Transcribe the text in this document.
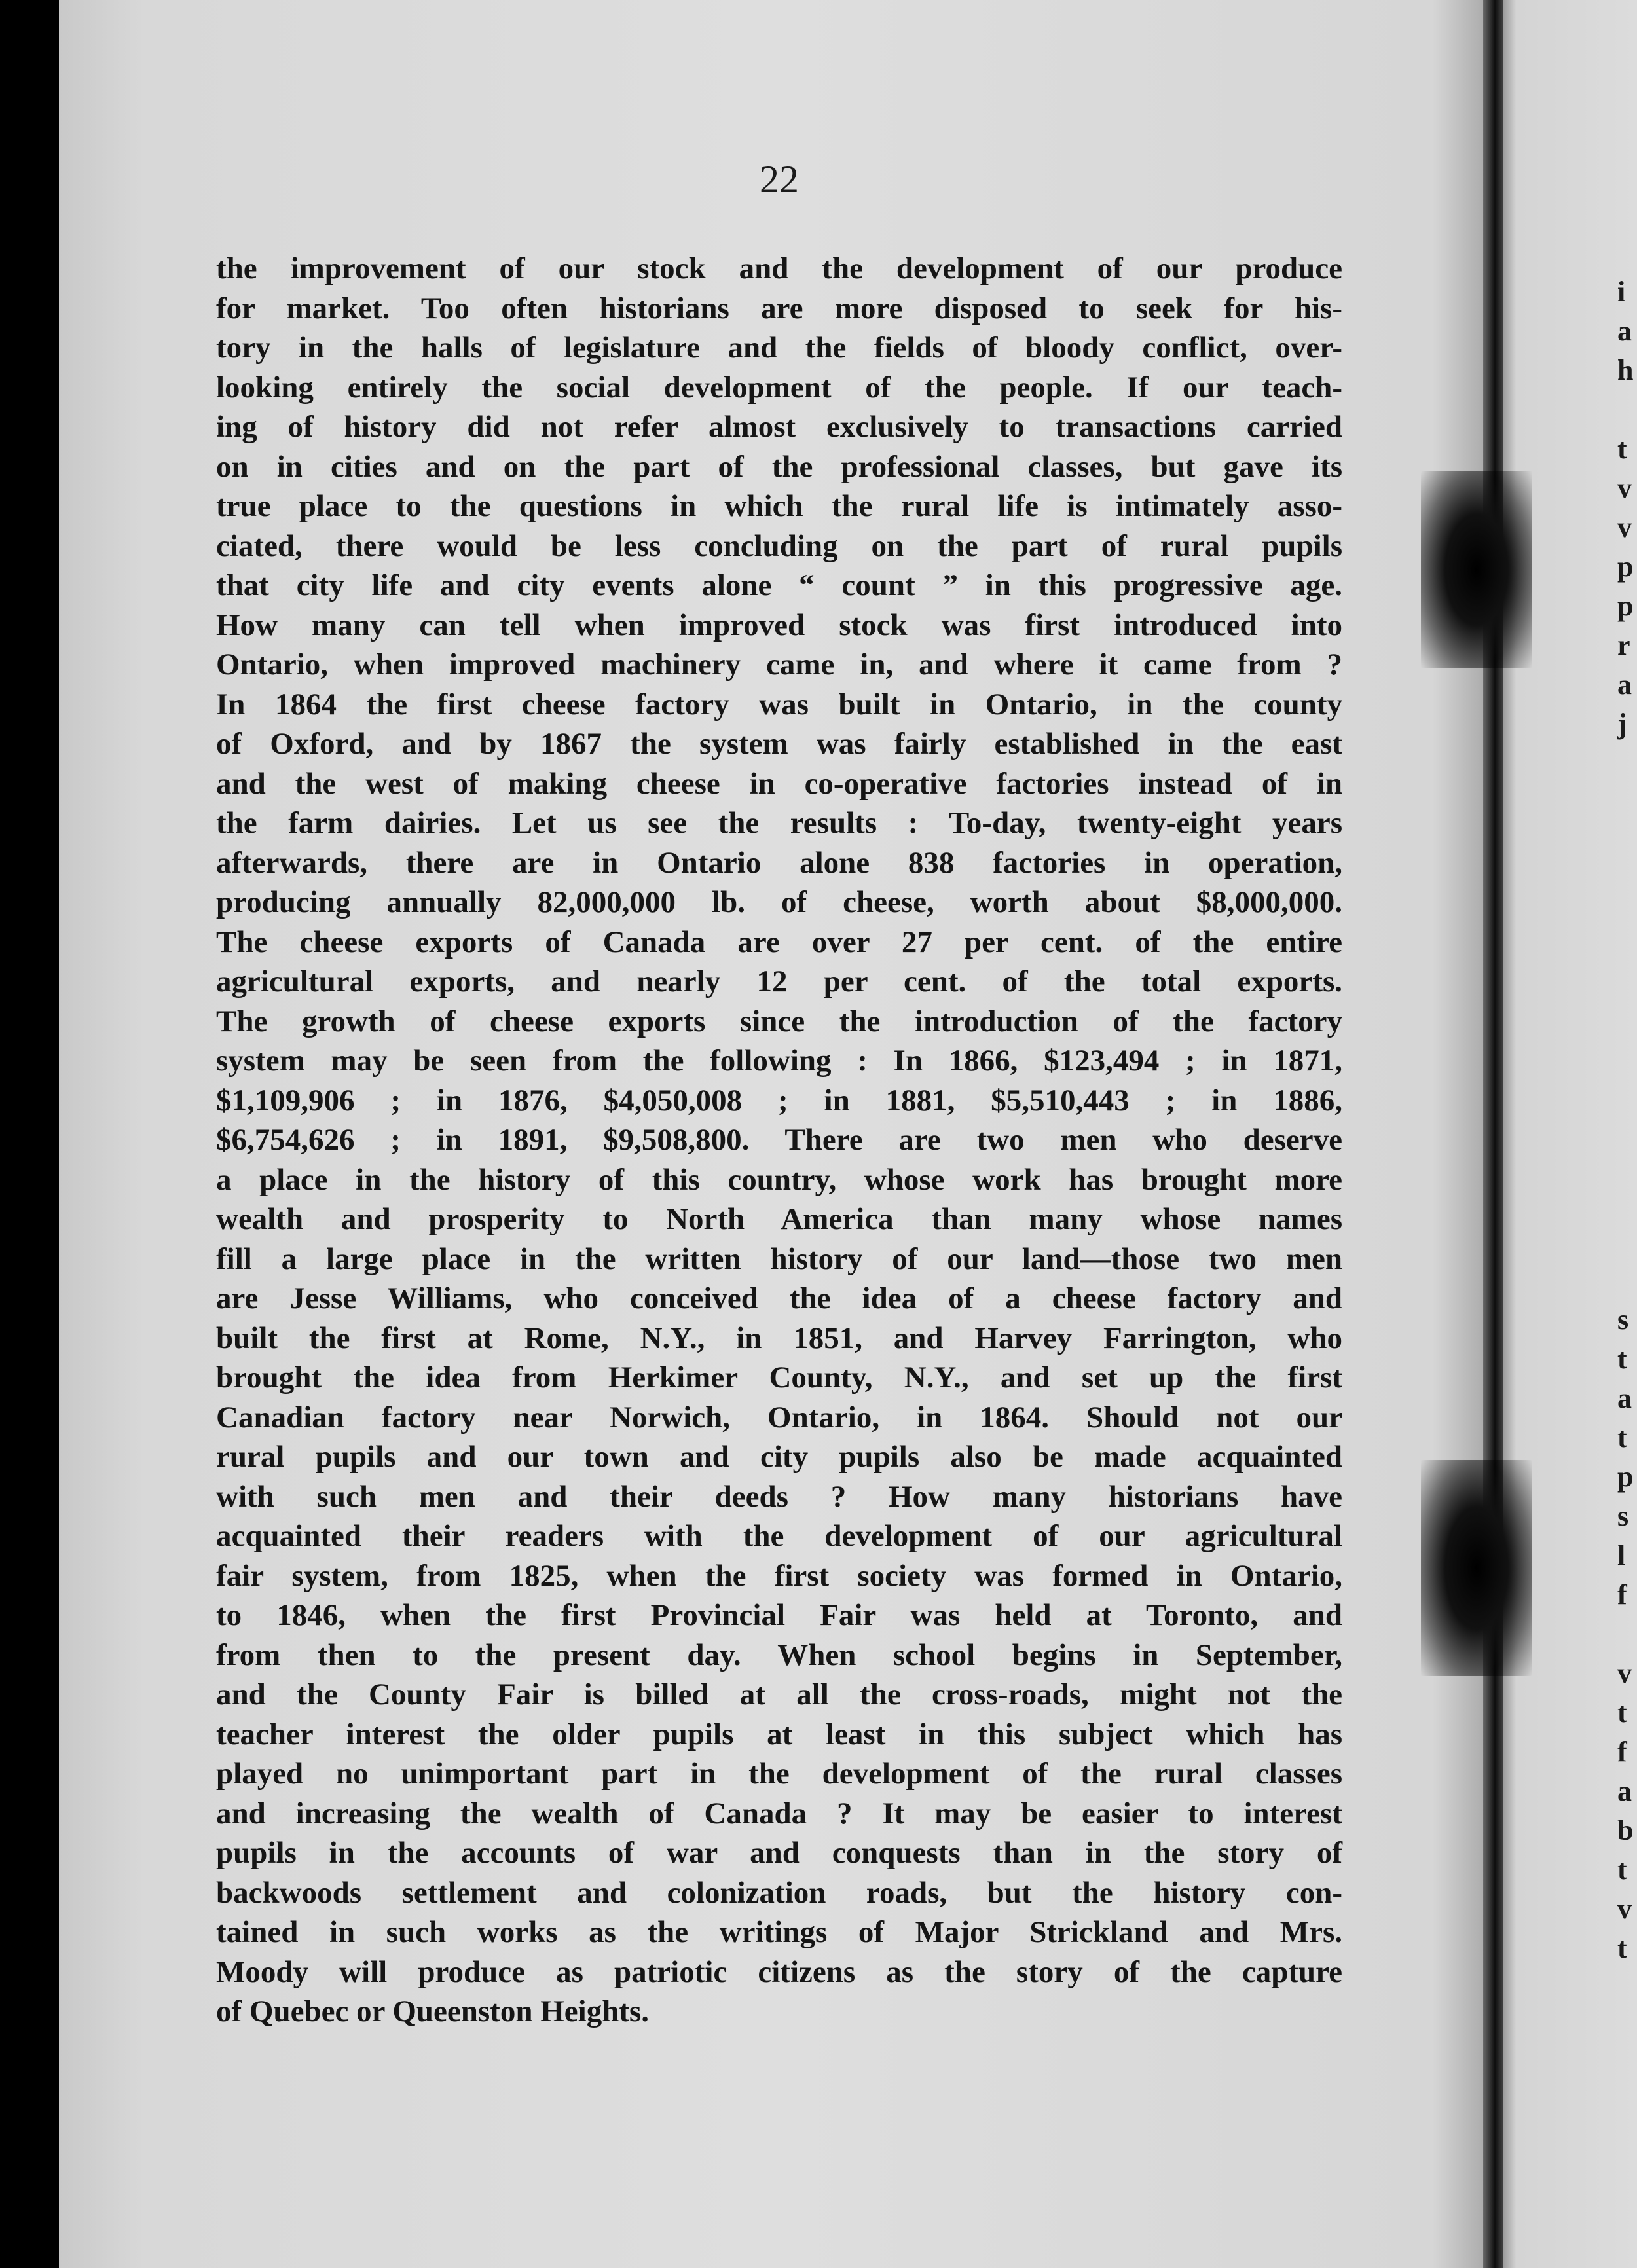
22
the improvement of our stock and the development of our produce
for market. Too often historians are more disposed to seek for his-
tory in the halls of legislature and the fields of bloody conflict, over-
looking entirely the social development of the people. If our teach-
ing of history did not refer almost exclusively to transactions carried
on in cities and on the part of the professional classes, but gave its
true place to the questions in which the rural life is intimately asso-
ciated, there would be less concluding on the part of rural pupils
that city life and city events alone “ count ” in this progressive age.
How many can tell when improved stock was first introduced into
Ontario, when improved machinery came in, and where it came from ?
In 1864 the first cheese factory was built in Ontario, in the county
of Oxford, and by 1867 the system was fairly established in the east
and the west of making cheese in co-operative factories instead of in
the farm dairies. Let us see the results : To-day, twenty-eight years
afterwards, there are in Ontario alone 838 factories in operation,
producing annually 82,000,000 lb. of cheese, worth about $8,000,000.
The cheese exports of Canada are over 27 per cent. of the entire
agricultural exports, and nearly 12 per cent. of the total exports.
The growth of cheese exports since the introduction of the factory
system may be seen from the following : In 1866, $123,494 ; in 1871,
$1,109,906 ; in 1876, $4,050,008 ; in 1881, $5,510,443 ; in 1886,
$6,754,626 ; in 1891, $9,508,800. There are two men who deserve
a place in the history of this country, whose work has brought more
wealth and prosperity to North America than many whose names
fill a large place in the written history of our land—those two men
are Jesse Williams, who conceived the idea of a cheese factory and
built the first at Rome, N.Y., in 1851, and Harvey Farrington, who
brought the idea from Herkimer County, N.Y., and set up the first
Canadian factory near Norwich, Ontario, in 1864. Should not our
rural pupils and our town and city pupils also be made acquainted
with such men and their deeds ? How many historians have
acquainted their readers with the development of our agricultural
fair system, from 1825, when the first society was formed in Ontario,
to 1846, when the first Provincial Fair was held at Toronto, and
from then to the present day. When school begins in September,
and the County Fair is billed at all the cross-roads, might not the
teacher interest the older pupils at least in this subject which has
played no unimportant part in the development of the rural classes
and increasing the wealth of Canada ? It may be easier to interest
pupils in the accounts of war and conquests than in the story of
backwoods settlement and colonization roads, but the history con-
tained in such works as the writings of Major Strickland and Mrs.
Moody will produce as patriotic citizens as the story of the capture
of Quebec or Queenston Heights.
i
a
h
t
v
v
p
p
r
a
j
s
t
a
t
p
s
l
f
v
t
f
a
b
t
v
t
